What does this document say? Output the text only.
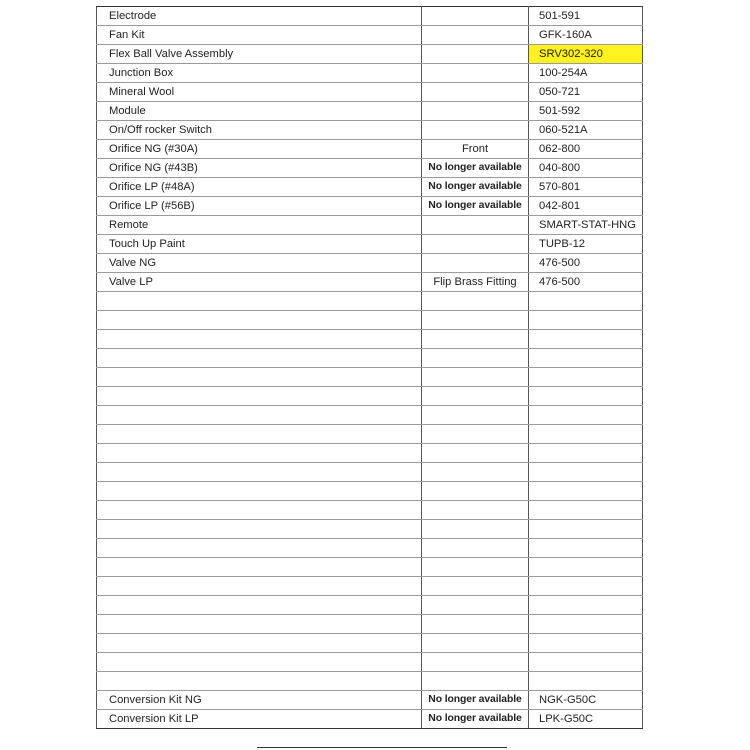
Electrode		501-591
Fan Kit		GFK-160A
Flex Ball Valve Assembly		SRV302-320
Junction Box		100-254A
Mineral Wool		050-721
Module		501-592
On/Off rocker Switch		060-521A
Orifice NG (#30A)	Front	062-800
Orifice NG (#43B)	No longer available	040-800
Orifice LP (#48A)	No longer available	570-801
Orifice LP (#56B)	No longer available	042-801
Remote		SMART-STAT-HNG
Touch Up Paint		TUPB-12
Valve NG		476-500
Valve LP	Flip Brass Fitting	476-500

Conversion Kit NG	No longer available	NGK-G50C
Conversion Kit LP	No longer available	LPK-G50C
